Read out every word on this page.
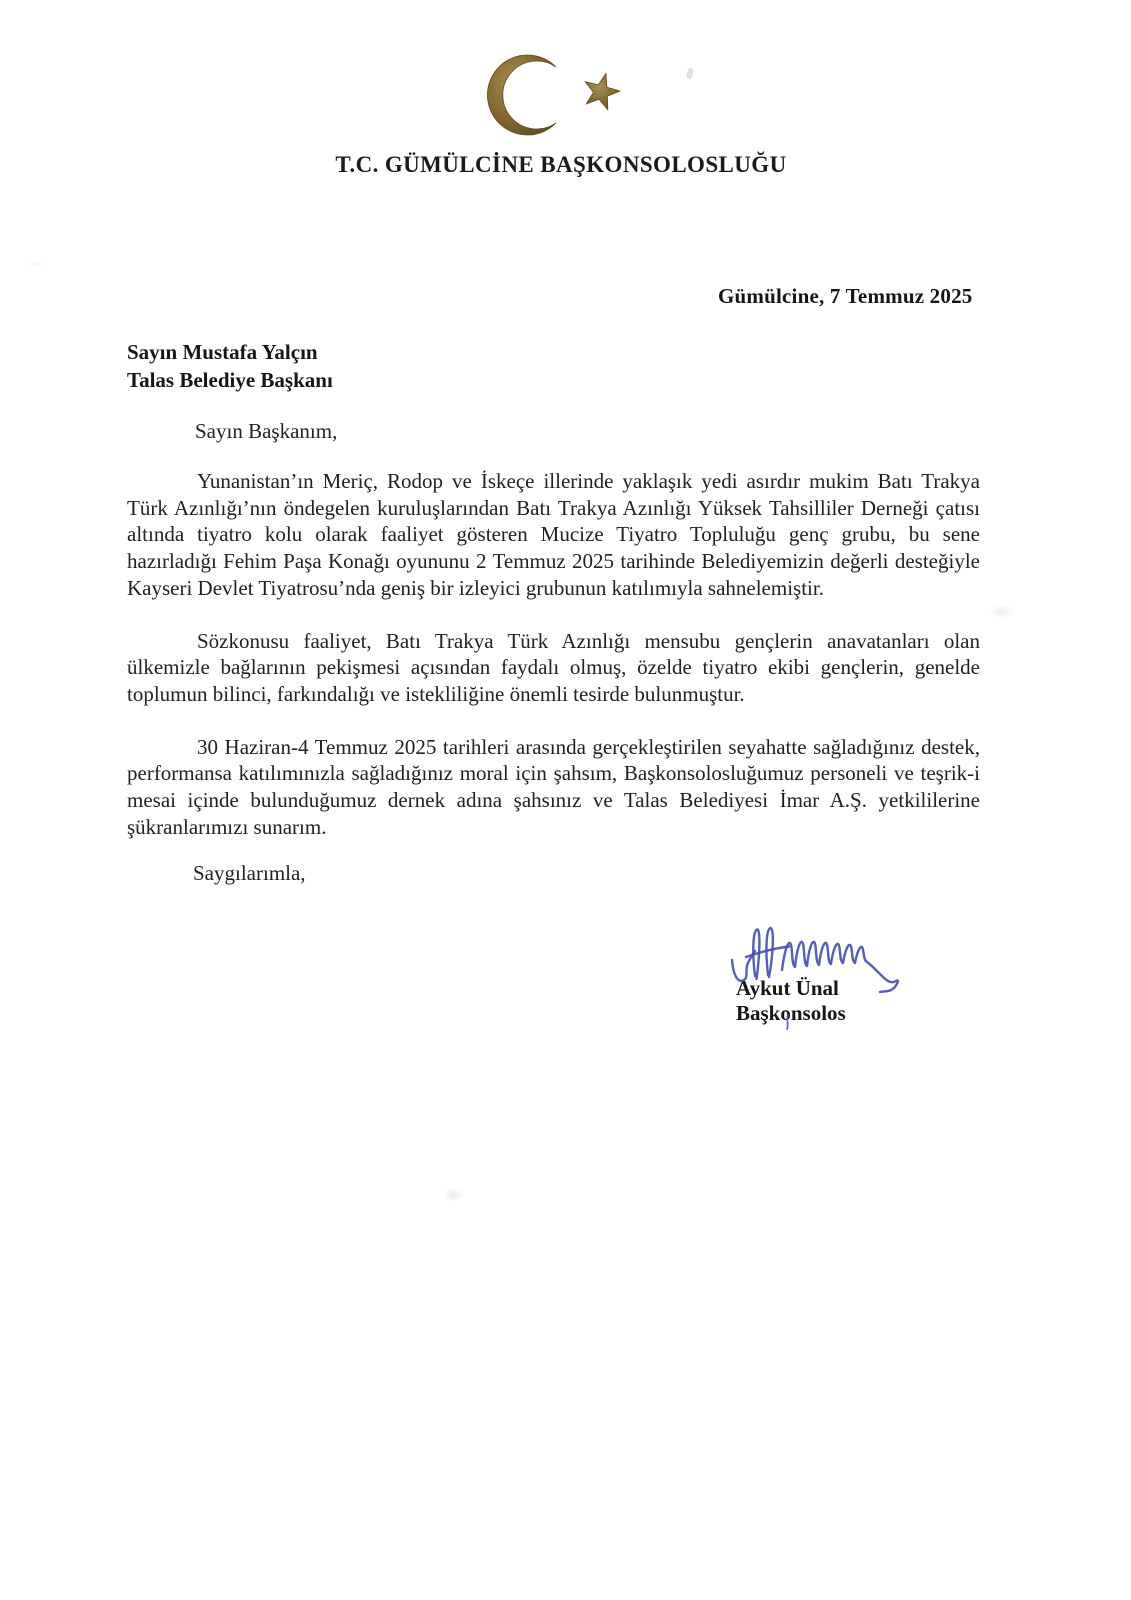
T.C. GÜMÜLCİNE BAŞKONSOLOSLUĞU
Gümülcine, 7 Temmuz 2025
Sayın Mustafa Yalçın
Talas Belediye Başkanı
Sayın Başkanım,

Yunanistan’ın Meriç, Rodop ve İskeçe illerinde yaklaşık yedi asırdır mukim Batı Trakya Türk Azınlığı’nın öndegelen kuruluşlarından Batı Trakya Azınlığı Yüksek Tahsilliler Derneği çatısı altında tiyatro kolu olarak faaliyet gösteren Mucize Tiyatro Topluluğu genç grubu, bu sene hazırladığı Fehim Paşa Konağı oyununu 2 Temmuz 2025 tarihinde Belediyemizin değerli desteğiyle Kayseri Devlet Tiyatrosu’nda geniş bir izleyici grubunun katılımıyla sahnelemiştir.

Sözkonusu faaliyet, Batı Trakya Türk Azınlığı mensubu gençlerin anavatanları olan ülkemizle bağlarının pekişmesi açısından faydalı olmuş, özelde tiyatro ekibi gençlerin, genelde toplumun bilinci, farkındalığı ve istekliliğine önemli tesirde bulunmuştur.

30 Haziran-4 Temmuz 2025 tarihleri arasında gerçekleştirilen seyahatte sağladığınız destek, performansa katılımınızla sağladığınız moral için şahsım, Başkonsolosluğumuz personeli ve teşrik-i mesai içinde bulunduğumuz dernek adına şahsınız ve Talas Belediyesi İmar A.Ş. yetkililerine şükranlarımızı sunarım.

Saygılarımla,
Aykut Ünal
Başkonsolos
